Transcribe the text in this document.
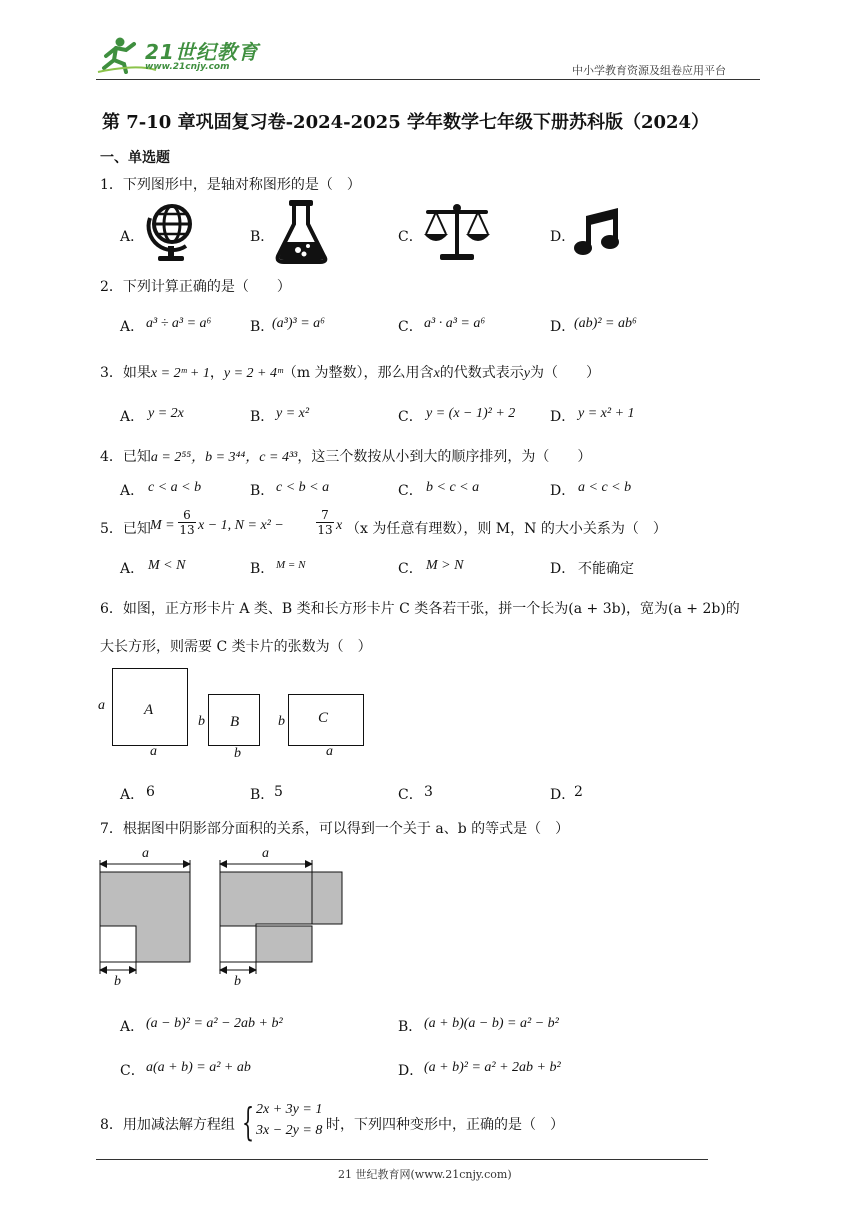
21世纪教育
www.21cnjy.com	中小学教育资源及组卷应用平台
第 7-10 章巩固复习卷-2024-2025 学年数学七年级下册苏科版（2024）
一、单选题
1．下列图形中，是轴对称图形的是（　）
A．	B．	C．	D．
2．下列计算正确的是（　　）
A． a³ ÷ a³ = a⁶	B．
(a³)³ = a⁶	C． a³ · a³ = a⁶	D．
(ab)² = ab⁶
3．如果x = 2ᵐ + 1，y = 2 + 4ᵐ（m 为整数），那么用含x的代数式表示y为（　　）
A． y = 2x	B． y = x²	C． y = (x − 1)² + 2 D． y = x² + 1
4．已知a = 2⁵⁵，b = 3⁴⁴，c = 4³³，这三个数按从小到大的顺序排列，为（　　）
A． c < a < b	B． c < b < a	C． b < c < a	D． a < c < b
5．已知 $M = \frac{6}{13}$ x − 1, N = x² −	$\frac{7}{13}$ x （x 为任意有理数），则 M，N 的大小关系为（　）
A． M < N	B． M = N	C． M > N	D． 不能确定
6．如图，正方形卡片 A 类、B 类和长方形卡片 C 类各若干张，拼一个长为(a + 3b)，宽为(a + 2b)的
大长方形，则需要 C 类卡片的张数为（　）
A
a
a
B
b
b
C
b
a
A． 6	B． 5	C． 3	D．
2
7．根据图中阴影部分面积的关系，可以得到一个关于 a、b 的等式是（　）
a
b
a
b
A． (a − b)² = a² − 2ab + b²	B． (a + b)(a − b) = a² − b²
C． a(a + b) = a² + ab	D． (a + b)² = a² + 2ab + b²
8．用加减法解方程组 { 2x + 3y = 1
3x − 2y = 8 时，下列四种变形中，正确的是（　）
21 世纪教育网(www.21cnjy.com)
